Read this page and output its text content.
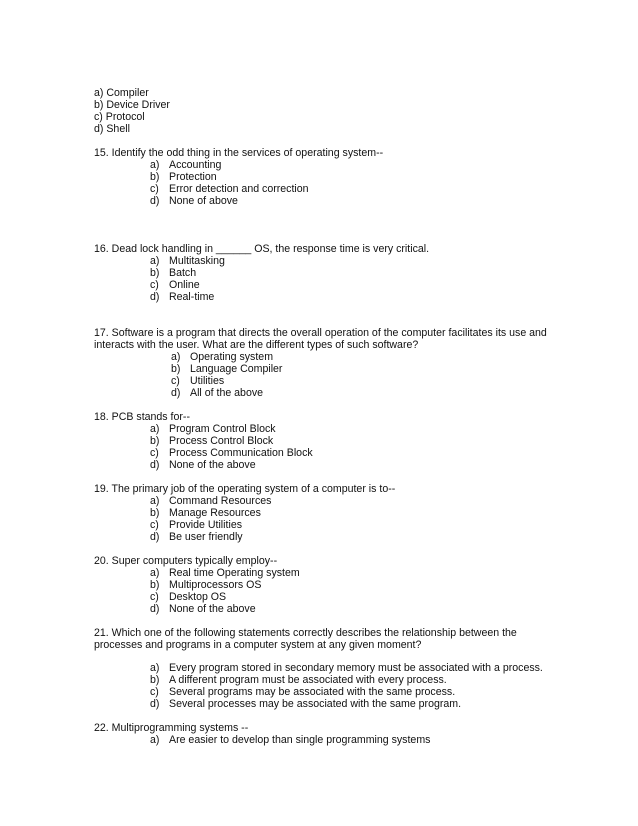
a) Compiler
b) Device Driver
c) Protocol
d) Shell
15. Identify the odd thing in the services of operating system--
a) Accounting
b) Protection
c) Error detection and correction
d) None of above
16. Dead lock handling in ______ OS, the response time is very critical.
a) Multitasking
b) Batch
c) Online
d) Real-time
17. Software is a program that directs the overall operation of the computer facilitates its use and
interacts with the user. What are the different types of such software?
a) Operating system
b) Language Compiler
c) Utilities
d) All of the above
18. PCB stands for--
a) Program Control Block
b) Process Control Block
c) Process Communication Block
d) None of the above
19. The primary job of the operating system of a computer is to--
a) Command Resources
b) Manage Resources
c) Provide Utilities
d) Be user friendly
20. Super computers typically employ--
a) Real time Operating system
b) Multiprocessors OS
c) Desktop OS
d) None of the above
21. Which one of the following statements correctly describes the relationship between the
processes and programs in a computer system at any given moment?
a) Every program stored in secondary memory must be associated with a process.
b) A different program must be associated with every process.
c) Several programs may be associated with the same process.
d) Several processes may be associated with the same program.
22. Multiprogramming systems --
a) Are easier to develop than single programming systems
